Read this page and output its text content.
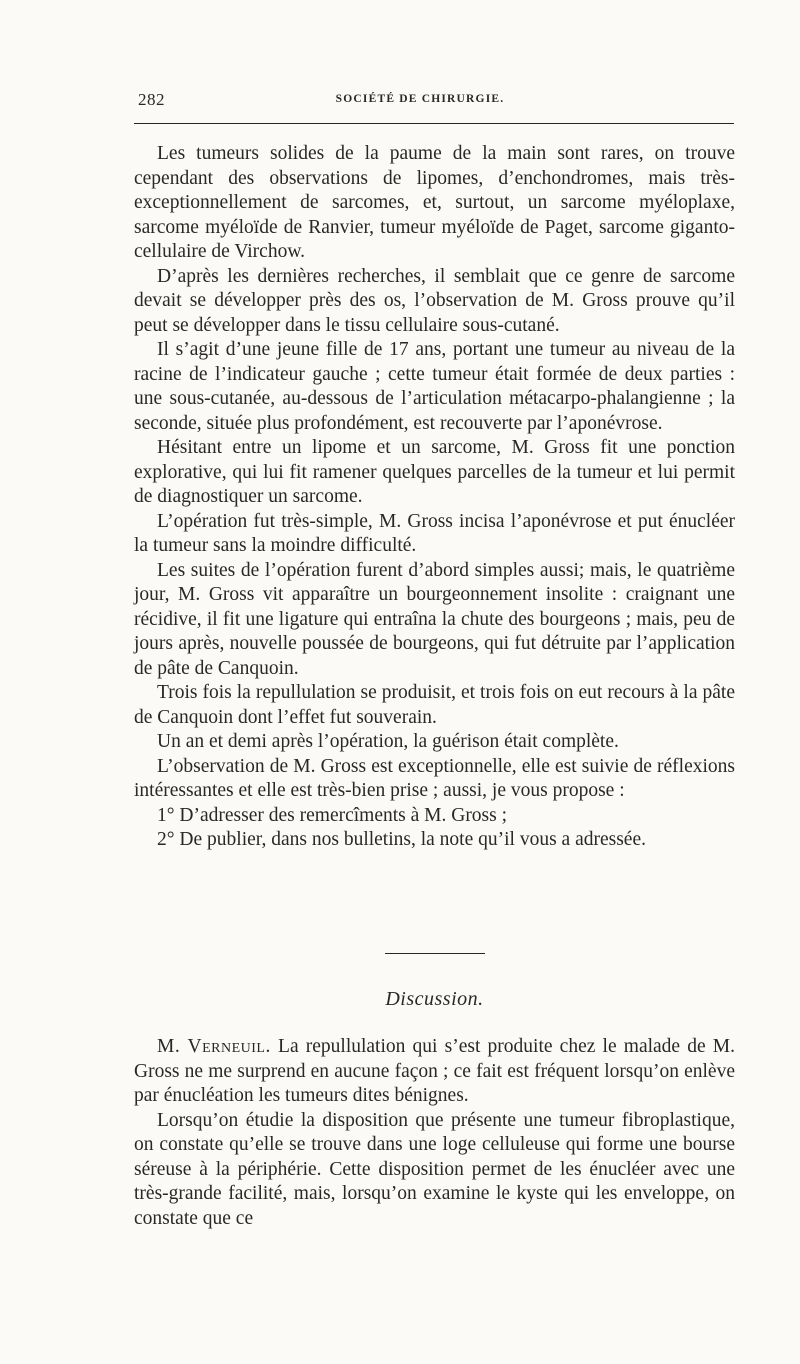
282	SOCIÉTÉ DE CHIRURGIE.

Les tumeurs solides de la paume de la main sont rares, on trouve cependant des observations de lipomes, d’enchondromes, mais très-exceptionnellement de sarcomes, et, surtout, un sarcome myéloplaxe, sarcome myéloïde de Ranvier, tumeur myéloïde de Paget, sarcome giganto-cellulaire de Virchow.

D’après les dernières recherches, il semblait que ce genre de sarcome devait se développer près des os, l’observation de M. Gross prouve qu’il peut se développer dans le tissu cellulaire sous-cutané.

Il s’agit d’une jeune fille de 17 ans, portant une tumeur au niveau de la racine de l’indicateur gauche ; cette tumeur était formée de deux parties : une sous-cutanée, au-dessous de l’articulation métacarpo-phalangienne ; la seconde, située plus profondément, est recouverte par l’aponévrose.

Hésitant entre un lipome et un sarcome, M. Gross fit une ponction explorative, qui lui fit ramener quelques parcelles de la tumeur et lui permit de diagnostiquer un sarcome.

L’opération fut très-simple, M. Gross incisa l’aponévrose et put énucléer la tumeur sans la moindre difficulté.

Les suites de l’opération furent d’abord simples aussi; mais, le quatrième jour, M. Gross vit apparaître un bourgeonnement insolite : craignant une récidive, il fit une ligature qui entraîna la chute des bourgeons ; mais, peu de jours après, nouvelle poussée de bourgeons, qui fut détruite par l’application de pâte de Canquoin.

Trois fois la repullulation se produisit, et trois fois on eut recours à la pâte de Canquoin dont l’effet fut souverain.

Un an et demi après l’opération, la guérison était complète.

L’observation de M. Gross est exceptionnelle, elle est suivie de réflexions intéressantes et elle est très-bien prise ; aussi, je vous propose :

1° D’adresser des remercîments à M. Gross ;

2° De publier, dans nos bulletins, la note qu’il vous a adressée.

Discussion.

M. Verneuil. La repullulation qui s’est produite chez le malade de M. Gross ne me surprend en aucune façon ; ce fait est fréquent lorsqu’on enlève par énucléation les tumeurs dites bénignes.

Lorsqu’on étudie la disposition que présente une tumeur fibroplastique, on constate qu’elle se trouve dans une loge celluleuse qui forme une bourse séreuse à la périphérie. Cette disposition permet de les énucléer avec une très-grande facilité, mais, lorsqu’on examine le kyste qui les enveloppe, on constate que ce
